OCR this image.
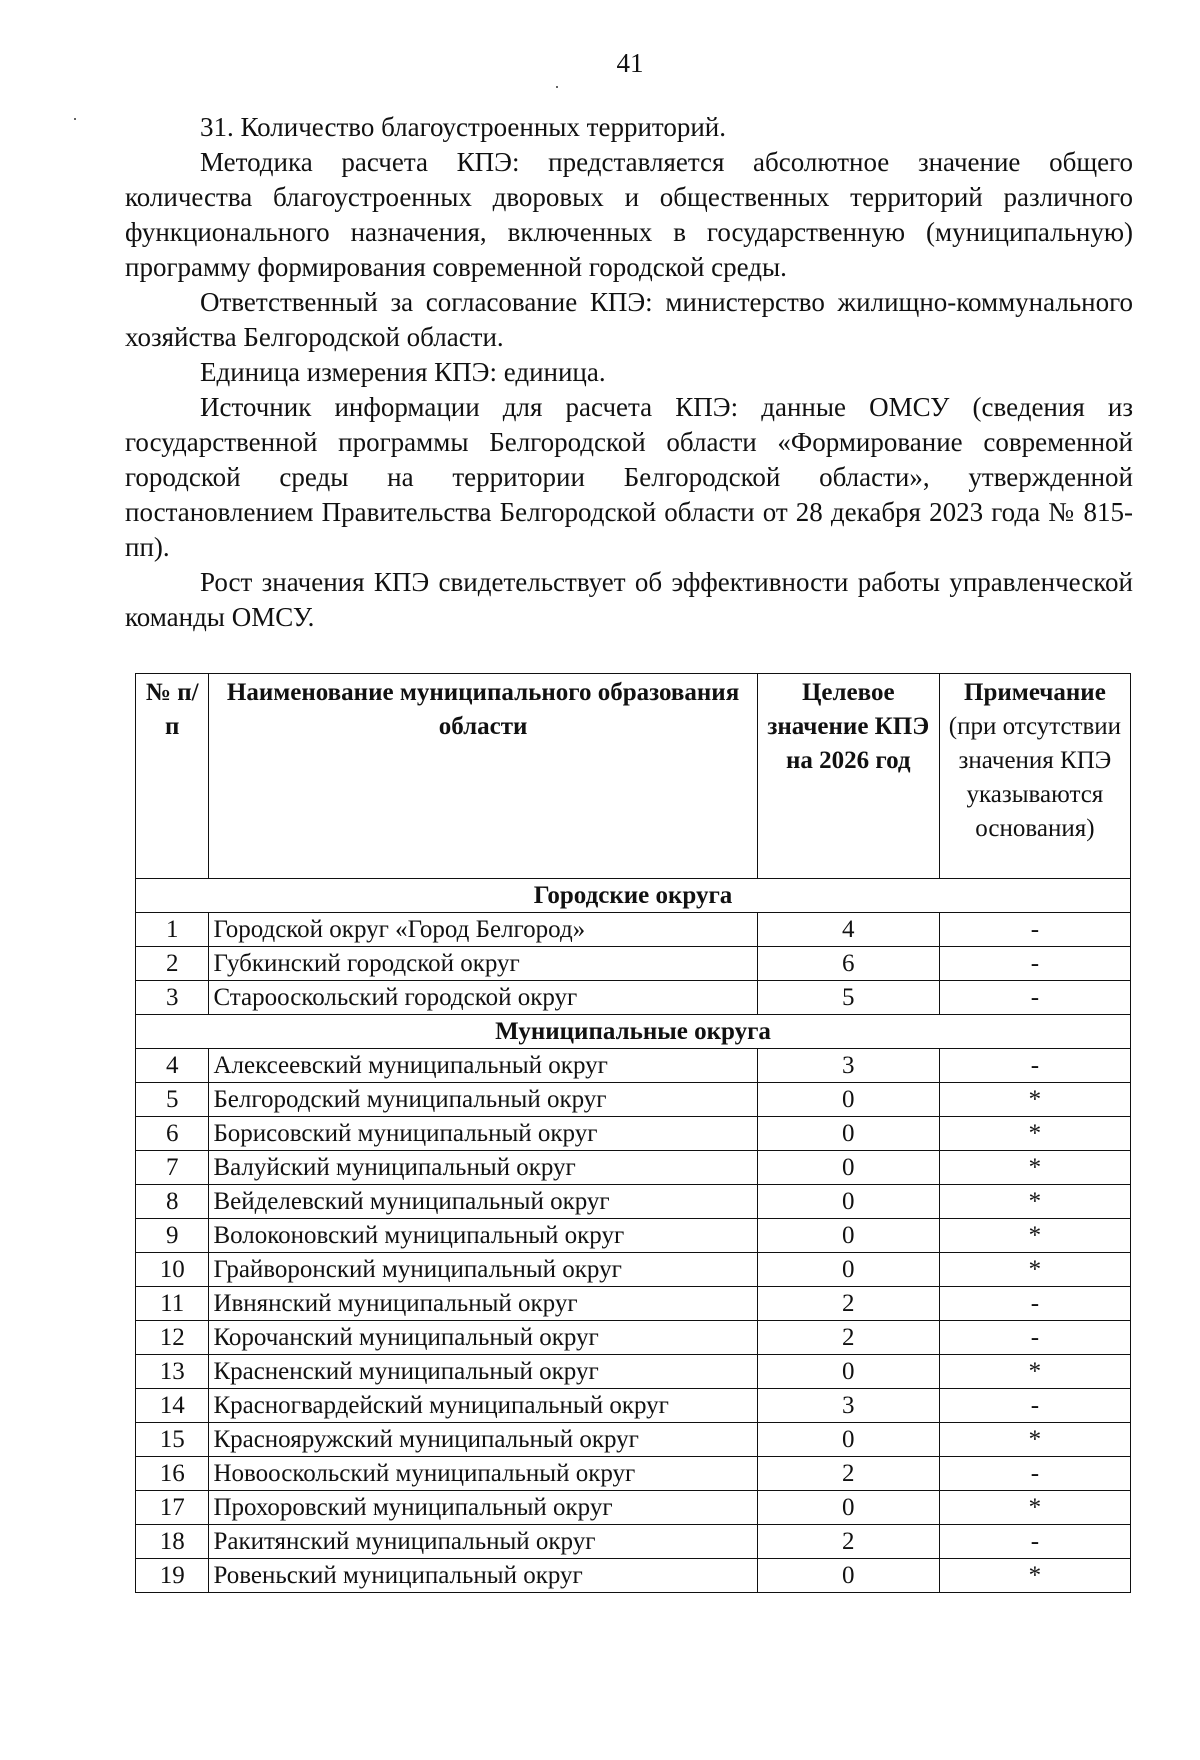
41

31. Количество благоустроенных территорий.

Методика расчета КПЭ: представляется абсолютное значение общего количества благоустроенных дворовых и общественных территорий различного функционального назначения, включенных в государственную (муниципальную) программу формирования современной городской среды.

Ответственный за согласование КПЭ: министерство жилищно-коммунального хозяйства Белгородской области.

Единица измерения КПЭ: единица.

Источник информации для расчета КПЭ: данные ОМСУ (сведения из государственной программы Белгородской области «Формирование современной городской среды на территории Белгородской области», утвержденной постановлением Правительства Белгородской области от 28 декабря 2023 года № 815-пп).

Рост значения КПЭ свидетельствует об эффективности работы управленческой команды ОМСУ.

№ п/п	Наименование муниципального образования области	Целевое значение КПЭ на 2026 год	Примечание
(при отсутствии значения КПЭ указываются основания)
Городские округа			
1	Городской округ «Город Белгород»	4	-
2	Губкинский городской округ	6	-
3	Старооскольский городской округ	5	-
Муниципальные округа			
4	Алексеевский муниципальный округ	3	-
5	Белгородский муниципальный округ	0	*
6	Борисовский муниципальный округ	0	*
7	Валуйский муниципальный округ	0	*
8	Вейделевский муниципальный округ	0	*
9	Волоконовский муниципальный округ	0	*
10	Грайворонский муниципальный округ	0	*
11	Ивнянский муниципальный округ	2	-
12	Корочанский муниципальный округ	2	-
13	Красненский муниципальный округ	0	*
14	Красногвардейский муниципальный округ	3	-
15	Краснояружский муниципальный округ	0	*
16	Новооскольский муниципальный округ	2	-
17	Прохоровский муниципальный округ	0	*
18	Ракитянский муниципальный округ	2	-
19	Ровеньский муниципальный округ	0	*
